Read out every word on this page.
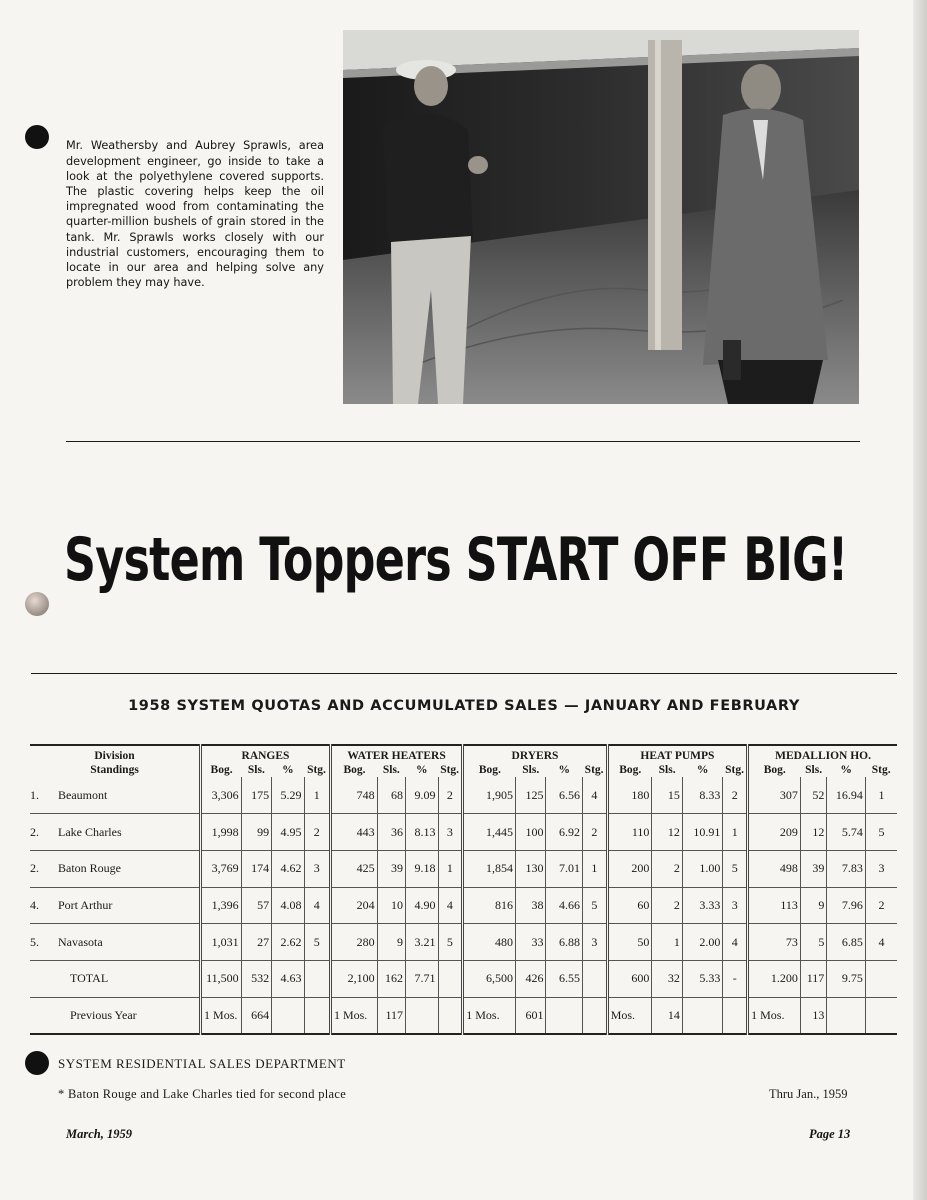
Mr. Weathersby and Aubrey Sprawls, area development engineer, go inside to take a look at the polyethylene covered supports. The plastic covering helps keep the oil impregnated wood from contaminating the quarter-million bushels of grain stored in the tank. Mr. Sprawls works closely with our industrial customers, encouraging them to locate in our area and helping solve any problem they may have.

System Toppers START OFF BIG!
1958 SYSTEM QUOTAS AND ACCUMULATED SALES — JANUARY AND FEBRUARY
Division	RANGES				WATER HEATERS				DRYERS				HEAT PUMPS				MEDALLION HO.			
Standings	Bog.	Sls.	%	Stg.	Bog.	Sls.	%	Stg.	Bog.	Sls.	%	Stg.	Bog.	Sls.	%	Stg.	Bog.	Sls.	%	Stg.
1. Beaumont	3,306	175	5.29	1	748	68	9.09	2	1,905	125	6.56	4	180	15	8.33	2	307	52	16.94	1
2. Lake Charles	1,998	99	4.95	2	443	36	8.13	3	1,445	100	6.92	2	110	12	10.91	1	209	12	5.74	5
2. Baton Rouge	3,769	174	4.62	3	425	39	9.18	1	1,854	130	7.01	1	200	2	1.00	5	498	39	7.83	3
4. Port Arthur	1,396	57	4.08	4	204	10	4.90	4	816	38	4.66	5	60	2	3.33	3	113	9	7.96	2
5. Navasota	1,031	27	2.62	5	280	9	3.21	5	480	33	6.88	3	50	1	2.00	4	73	5	6.85	4
TOTAL	11,500	532	4.63		2,100	162	7.71		6,500	426	6.55		600	32	5.33	-	1.200	117	9.75	
Previous Year	1 Mos.	664			1 Mos.	117			1 Mos.	601			Mos.	14			1 Mos.	13		
SYSTEM RESIDENTIAL SALES DEPARTMENT
* Baton Rouge and Lake Charles tied for second place	Thru Jan., 1959
March, 1959	Page 13
